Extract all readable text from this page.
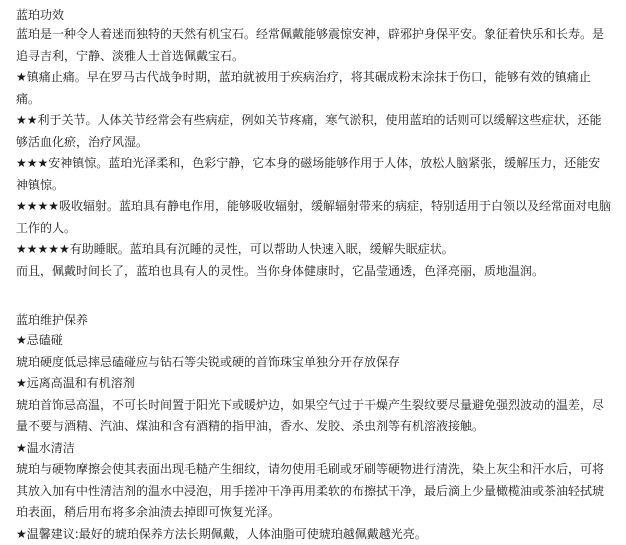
蓝珀功效

蓝珀是一种令人着迷而独特的天然有机宝石。经常佩戴能够震惊安神，辟邪护身保平安。象征着快乐和长寿。是追寻吉利，宁静、淡雅人士首选佩戴宝石。

★镇痛止痛。早在罗马古代战争时期，蓝珀就被用于疾病治疗，将其碾成粉末涂抹于伤口，能够有效的镇痛止痛。

★★利于关节。人体关节经常会有些病症，例如关节疼痛，寒气淤积，使用蓝珀的话则可以缓解这些症状，还能够活血化瘀，治疗风湿。

★★★安神镇惊。蓝珀光泽柔和，色彩宁静，它本身的磁场能够作用于人体，放松人脑紧张，缓解压力，还能安神镇惊。

★★★★吸收辐射。蓝珀具有静电作用，能够吸收辐射，缓解辐射带来的病症，特别适用于白领以及经常面对电脑工作的人。

★★★★★有助睡眠。蓝珀具有沉睡的灵性，可以帮助人快速入眠，缓解失眠症状。

而且，佩戴时间长了，蓝珀也具有人的灵性。当你身体健康时，它晶莹通透，色泽亮丽，质地温润。

蓝珀维护保养

★忌磕碰

琥珀硬度低忌摔忌磕碰应与钻石等尖锐或硬的首饰珠宝单独分开存放保存

★远离高温和有机溶剂

琥珀首饰忌高温，不可长时间置于阳光下或暖炉边，如果空气过于干燥产生裂纹要尽量避免强烈波动的温差，尽量不要与酒精、汽油、煤油和含有酒精的指甲油，香水、发胶、杀虫剂等有机溶液接触。

★温水清洁

琥珀与硬物摩擦会使其表面出现毛糙产生细纹，请勿使用毛刷或牙刷等硬物进行清洗，染上灰尘和汗水后，可将其放入加有中性清洁剂的温水中浸泡，用手搓冲干净再用柔软的布擦拭干净，最后滴上少量橄榄油或茶油轻拭琥珀表面，稍后用布将多余油渍去掉即可恢复光泽。

★温馨建议:最好的琥珀保养方法长期佩戴，人体油脂可使琥珀越佩戴越光亮。
